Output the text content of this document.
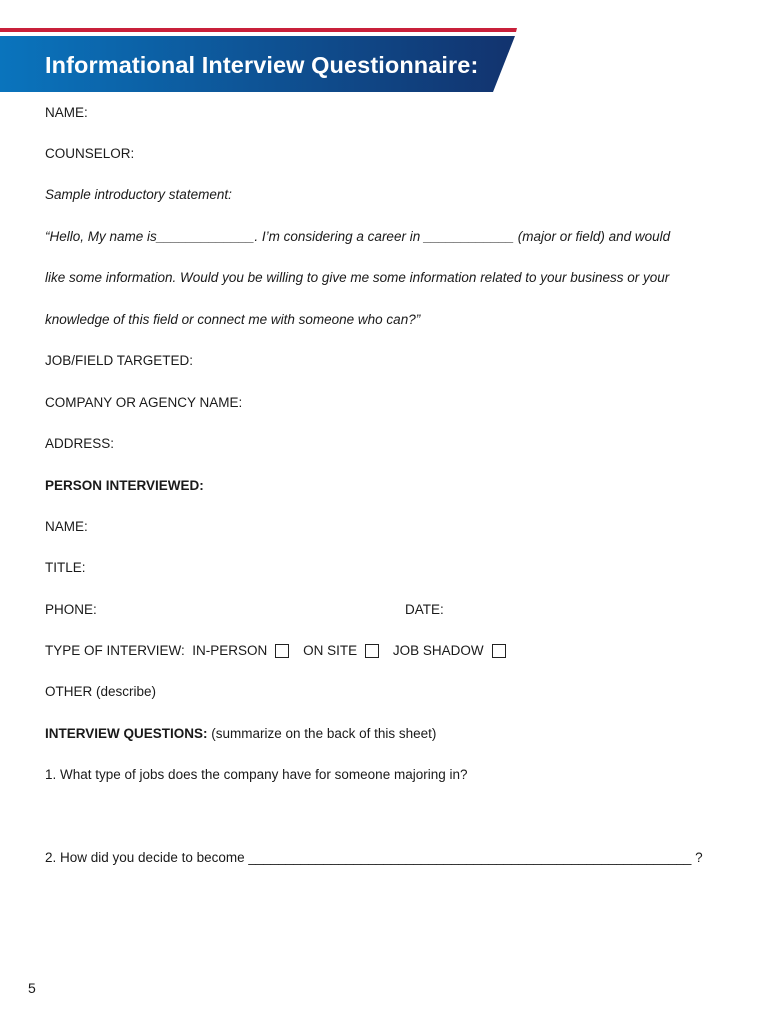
Informational Interview Questionnaire:
NAME:
COUNSELOR:
Sample introductory statement:
“Hello, My name is_____________. I’m considering a career in ____________ (major or field) and would
like some information. Would you be willing to give me some information related to your business or your
knowledge of this field or connect me with someone who can?”
JOB/FIELD TARGETED:
COMPANY OR AGENCY NAME:
ADDRESS:
PERSON INTERVIEWED:
NAME:
TITLE:
PHONE:	DATE:
TYPE OF INTERVIEW: IN-PERSON	ON SITE	JOB SHADOW
OTHER (describe)
INTERVIEW QUESTIONS: (summarize on the back of this sheet)
1. What type of jobs does the company have for someone majoring in?
2. How did you decide to become ___________________________________________________________ ?
5
